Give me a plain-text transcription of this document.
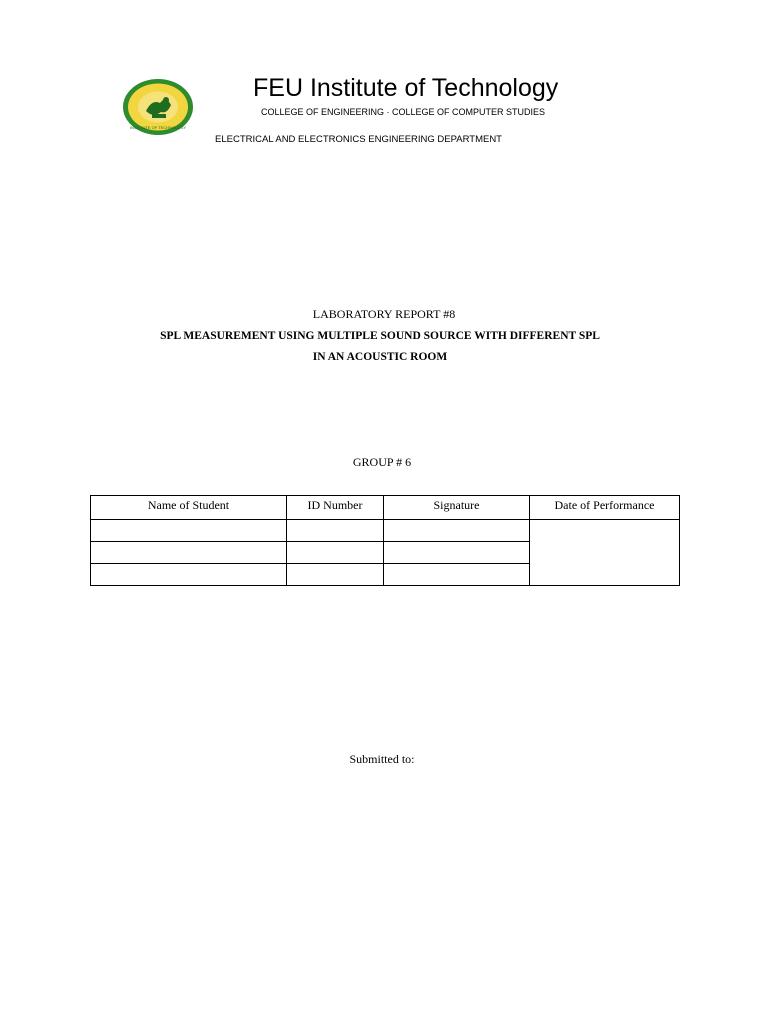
INSTITUTE OF TECHNOLOGY
FEU Institute of Technology
COLLEGE OF ENGINEERING · COLLEGE OF COMPUTER STUDIES
ELECTRICAL AND ELECTRONICS ENGINEERING DEPARTMENT
LABORATORY REPORT #8
SPL MEASUREMENT USING MULTIPLE SOUND SOURCE WITH DIFFERENT SPL
IN AN ACOUSTIC ROOM
GROUP # 6
Name of Student	ID Number	Signature	Date of Performance

Submitted to:
